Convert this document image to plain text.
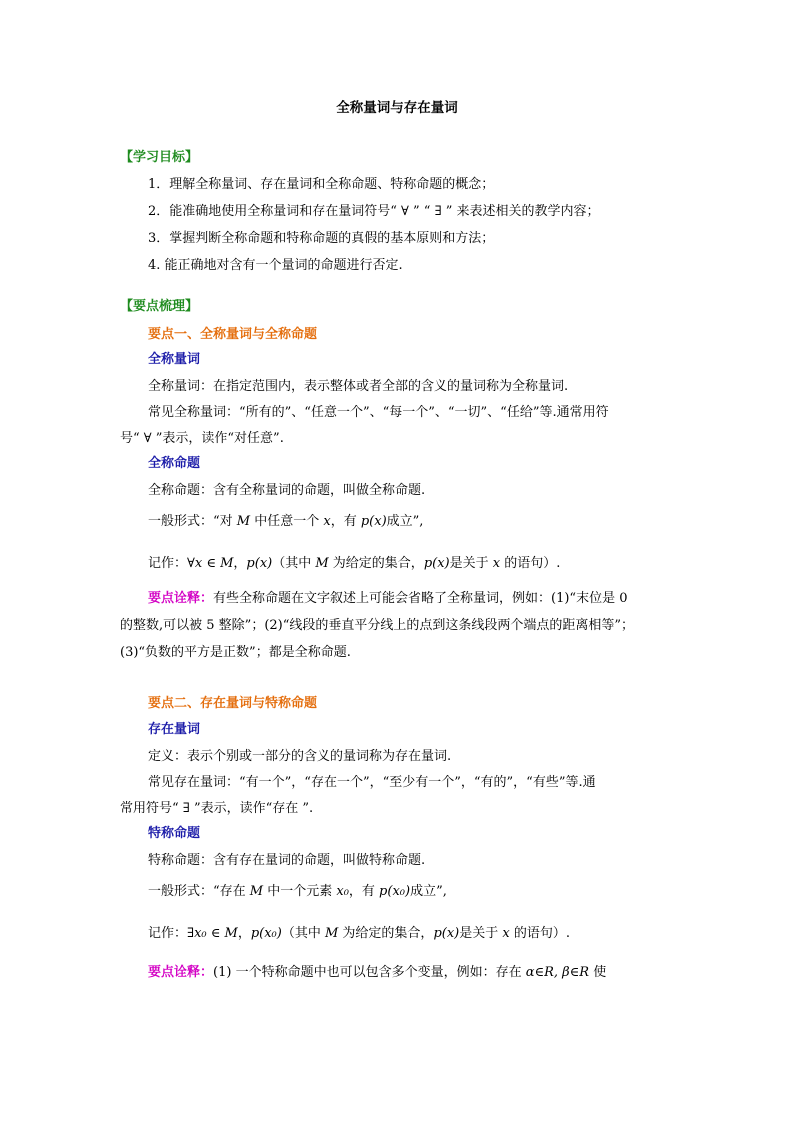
全称量词与存在量词
【学习目标】
1．理解全称量词、存在量词和全称命题、特称命题的概念；
2．能准确地使用全称量词和存在量词符号“ ∀ ” “ ∃ ” 来表述相关的教学内容；
3．掌握判断全称命题和特称命题的真假的基本原则和方法；
4. 能正确地对含有一个量词的命题进行否定.
【要点梳理】
要点一、全称量词与全称命题
全称量词
全称量词：在指定范围内，表示整体或者全部的含义的量词称为全称量词.
常见全称量词：“所有的”、“任意一个”、“每一个”、“一切”、“任给”等.通常用符
号“ ∀ ”表示，读作“对任意”.
全称命题
全称命题：含有全称量词的命题，叫做全称命题.
一般形式：“对 M 中任意一个 x，有 p(x)成立”,
记作：∀x ∈ M，p(x)（其中 M 为给定的集合，p(x)是关于 x 的语句）.
要点诠释：有些全称命题在文字叙述上可能会省略了全称量词，例如：(1)“末位是 0
的整数,可以被 5 整除”；(2)“线段的垂直平分线上的点到这条线段两个端点的距离相等”；
(3)“负数的平方是正数”；都是全称命题.
要点二、存在量词与特称命题
存在量词
定义：表示个别或一部分的含义的量词称为存在量词.
常见存在量词：“有一个”，“存在一个”，“至少有一个”，“有的”，“有些”等.通
常用符号“ ∃ ”表示，读作“存在 ”.
特称命题
特称命题：含有存在量词的命题，叫做特称命题.
一般形式：“存在 M 中一个元素 x₀，有 p(x₀)成立”,
记作：∃x₀ ∈ M，p(x₀)（其中 M 为给定的集合，p(x)是关于 x 的语句）.
要点诠释：(1) 一个特称命题中也可以包含多个变量，例如：存在 α∈R, β∈R 使
